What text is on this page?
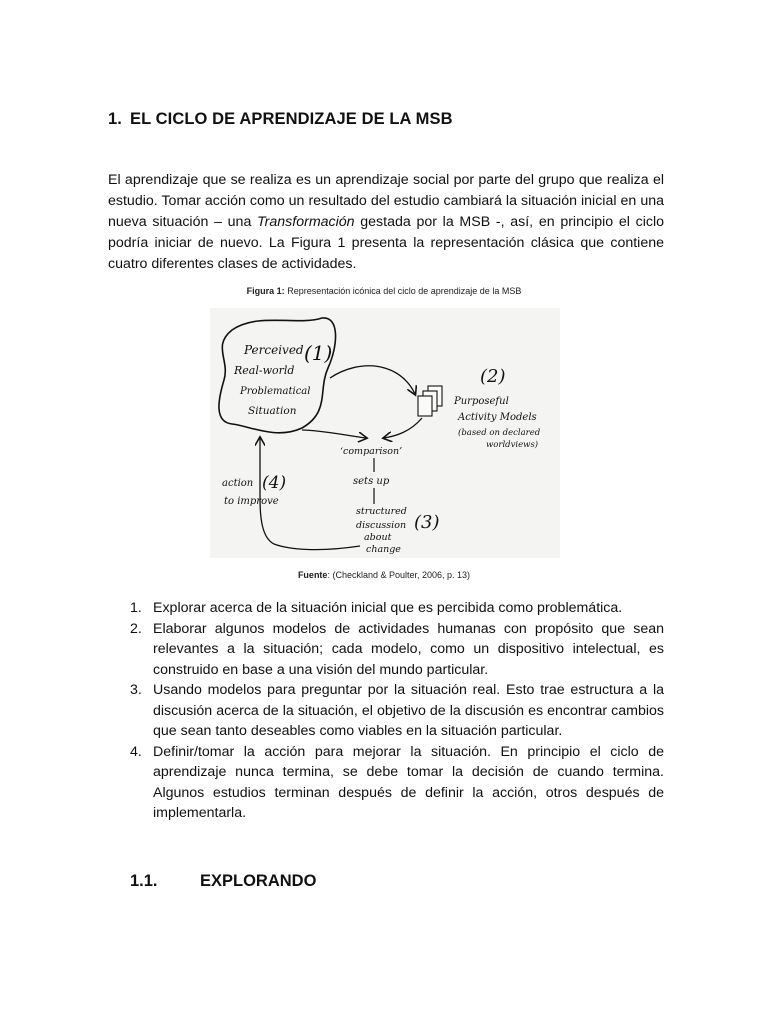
1. EL CICLO DE APRENDIZAJE DE LA MSB

El aprendizaje que se realiza es un aprendizaje social por parte del grupo que realiza el estudio. Tomar acción como un resultado del estudio cambiará la situación inicial en una nueva situación – una Transformación gestada por la MSB -, así, en principio el ciclo podría iniciar de nuevo. La Figura 1 presenta la representación clásica que contiene cuatro diferentes clases de actividades.

Figura 1: Representación icónica del ciclo de aprendizaje de la MSB
Perceived (1)
Real-world
Problematical
Situation
(2)
Purposeful
Activity Models
(based on declared
worldviews)
‘comparison’
sets up
structured
discussion (3)
about
change
action (4)
to improve
Fuente: (Checkland & Poulter, 2006, p. 13)
1. Explorar acerca de la situación inicial que es percibida como problemática.
2. Elaborar algunos modelos de actividades humanas con propósito que sean relevantes a la situación; cada modelo, como un dispositivo intelectual, es construido en base a una visión del mundo particular.
3. Usando modelos para preguntar por la situación real. Esto trae estructura a la discusión acerca de la situación, el objetivo de la discusión es encontrar cambios que sean tanto deseables como viables en la situación particular.
4. Definir/tomar la acción para mejorar la situación. En principio el ciclo de aprendizaje nunca termina, se debe tomar la decisión de cuando termina. Algunos estudios terminan después de definir la acción, otros después de implementarla.
1.1.	EXPLORANDO
